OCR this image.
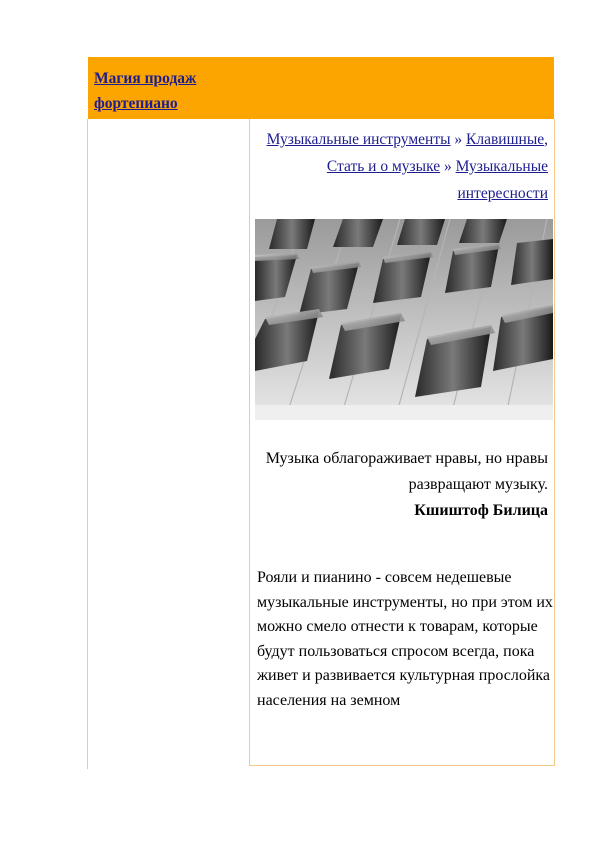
Магия продаж фортепиано
Музыкальные инструменты » Клавишные, Стать и о музыке » Музыкальные интересности
Музыка облагораживает нравы, но нравы развращают музыку.
Кшиштоф Билица
Рояли и пианино - совсем недешевые музыкальные инструменты, но при этом их можно смело отнести к товарам, которые будут пользоваться спросом всегда, пока живет и развивается культурная прослойка населения на земном
